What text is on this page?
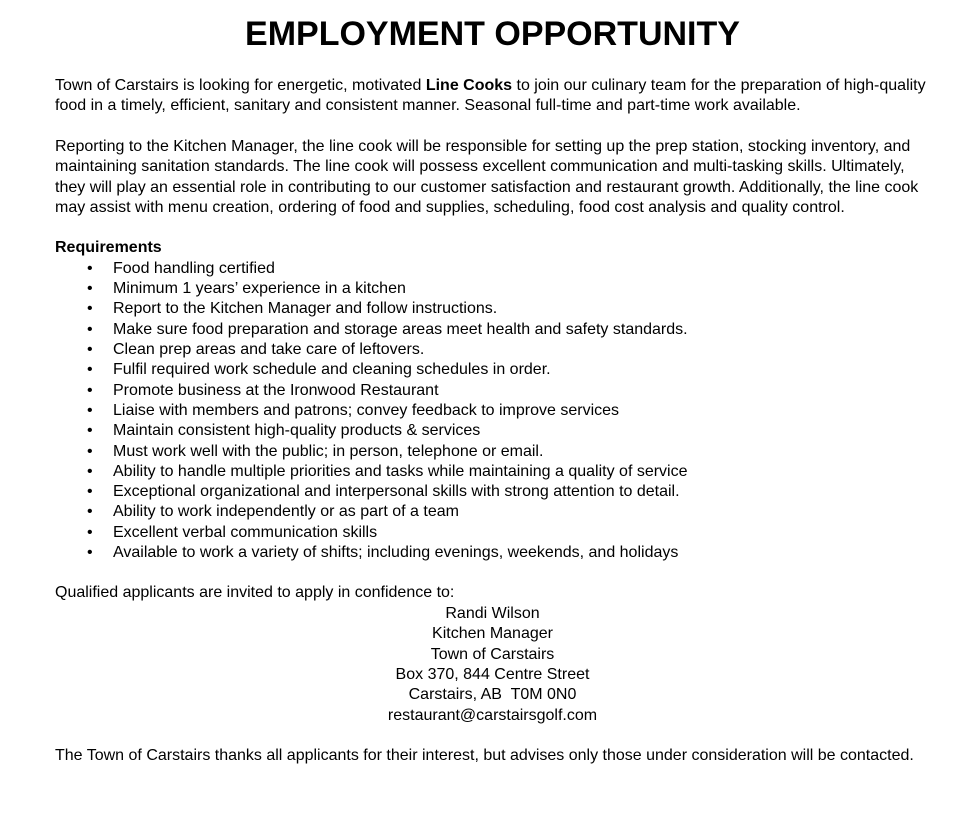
EMPLOYMENT OPPORTUNITY

Town of Carstairs is looking for energetic, motivated Line Cooks to join our culinary team for the preparation of high-quality food in a timely, efficient, sanitary and consistent manner. Seasonal full-time and part-time work available.

Reporting to the Kitchen Manager, the line cook will be responsible for setting up the prep station, stocking inventory, and maintaining sanitation standards. The line cook will possess excellent communication and multi-tasking skills. Ultimately, they will play an essential role in contributing to our customer satisfaction and restaurant growth. Additionally, the line cook may assist with menu creation, ordering of food and supplies, scheduling, food cost analysis and quality control.

Requirements
• Food handling certified
• Minimum 1 years’ experience in a kitchen
• Report to the Kitchen Manager and follow instructions.
• Make sure food preparation and storage areas meet health and safety standards.
• Clean prep areas and take care of leftovers.
• Fulfil required work schedule and cleaning schedules in order.
• Promote business at the Ironwood Restaurant
• Liaise with members and patrons; convey feedback to improve services
• Maintain consistent high-quality products & services
• Must work well with the public; in person, telephone or email.
• Ability to handle multiple priorities and tasks while maintaining a quality of service
• Exceptional organizational and interpersonal skills with strong attention to detail.
• Ability to work independently or as part of a team
• Excellent verbal communication skills
• Available to work a variety of shifts; including evenings, weekends, and holidays

Qualified applicants are invited to apply in confidence to:

Randi Wilson
Kitchen Manager
Town of Carstairs
Box 370, 844 Centre Street
Carstairs, AB  T0M 0N0
restaurant@carstairsgolf.com

The Town of Carstairs thanks all applicants for their interest, but advises only those under consideration will be contacted.
